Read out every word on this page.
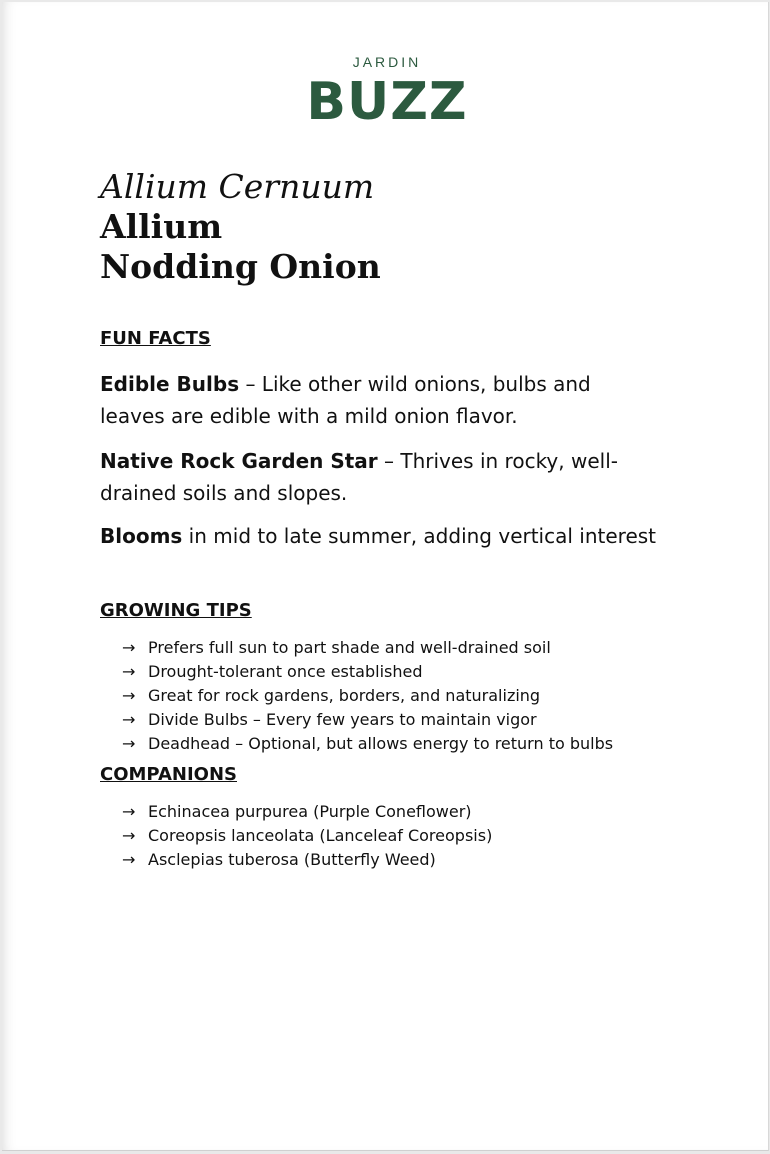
JARDIN
BUZZ
Allium Cernuum
Allium
Nodding Onion
FUN FACTS

Edible Bulbs – Like other wild onions, bulbs and leaves are edible with a mild onion flavor.

Native Rock Garden Star – Thrives in rocky, well-drained soils and slopes.

Blooms in mid to late summer, adding vertical interest

GROWING TIPS
→ Prefers full sun to part shade and well-drained soil
→ Drought-tolerant once established
→ Great for rock gardens, borders, and naturalizing
→ Divide Bulbs – Every few years to maintain vigor
→ Deadhead – Optional, but allows energy to return to bulbs
COMPANIONS
→ Echinacea purpurea (Purple Coneflower)
→ Coreopsis lanceolata (Lanceleaf Coreopsis)
→ Asclepias tuberosa (Butterfly Weed)
